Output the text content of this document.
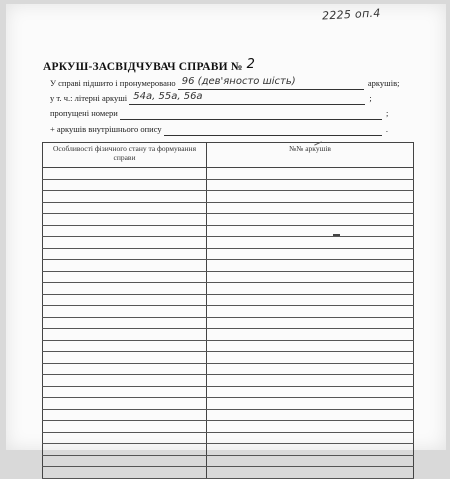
2225 оп.4
АРКУШ-ЗАСВІДЧУВАЧ СПРАВИ № 2
У справі підшито і пронумеровано 96 (дев'яносто шість)	аркушів;
у т. ч.: літерні аркуші 54а, 55а, 56а	;
пропущені номери	;
+ аркушів внутрішнього опису	.
Особливості фізичного стану та формування справи	№№ аркушів
